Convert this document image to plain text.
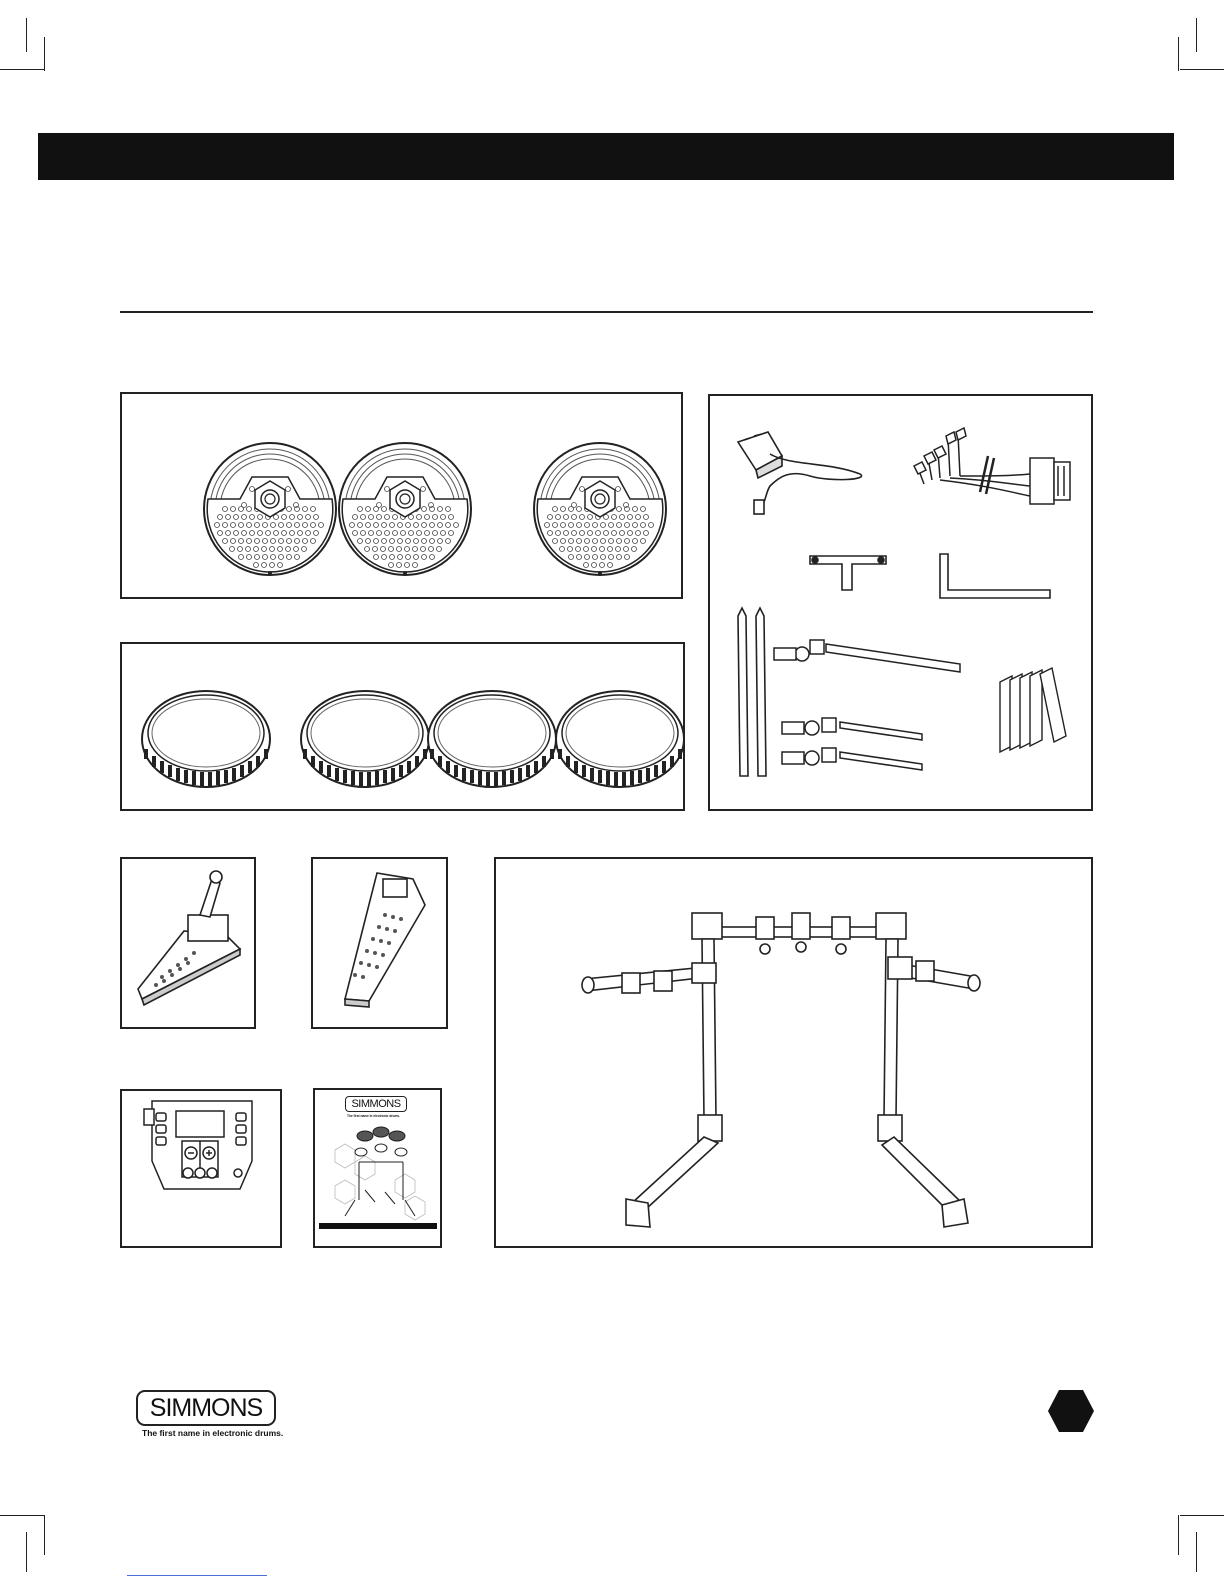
SIMMONS
The first name in electronic drums.
SIMMONS
The first name in electronic drums.
